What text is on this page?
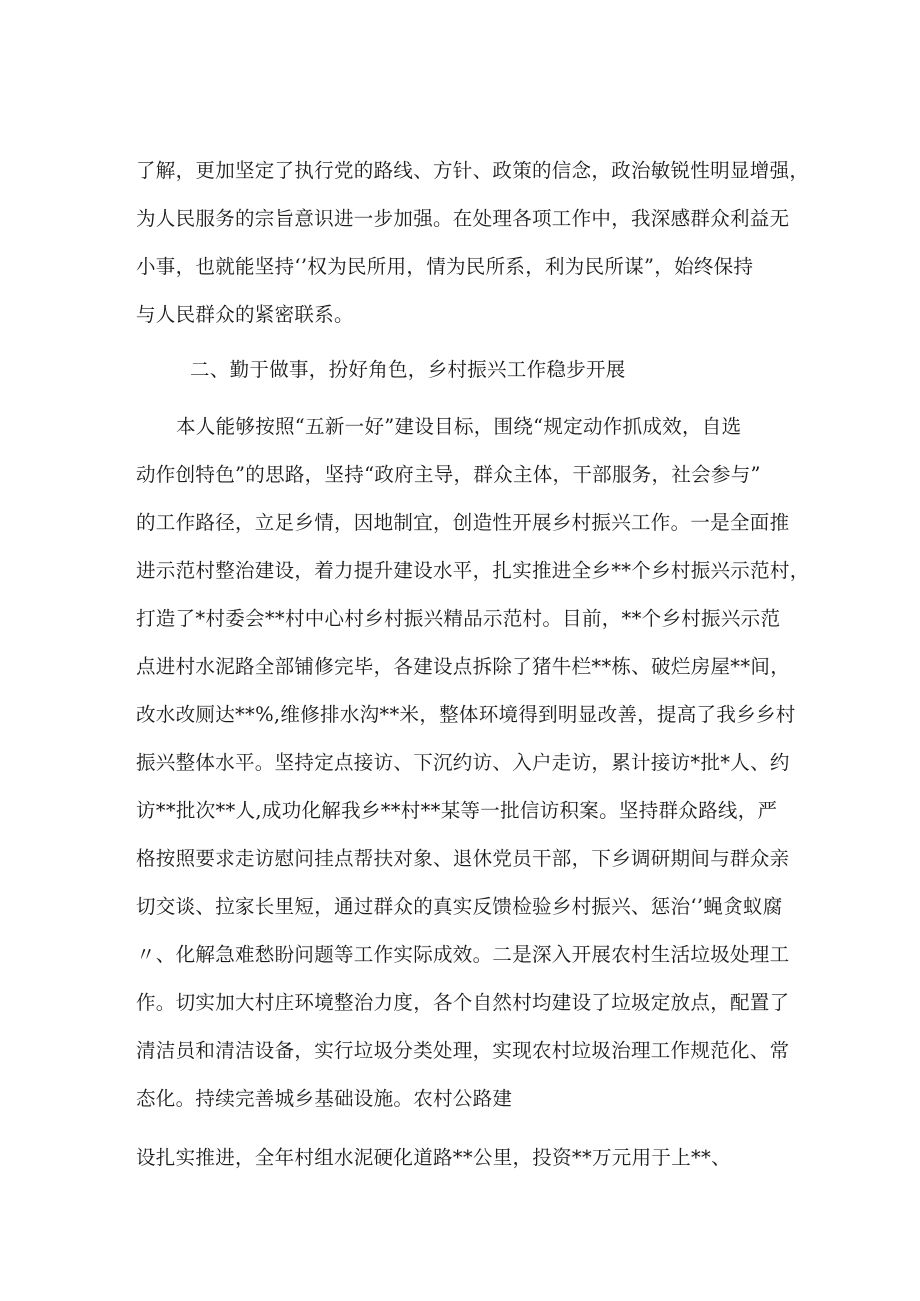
了解，更加坚定了执行党的路线、方针、政策的信念，政治敏锐性明显增强，
为人民服务的宗旨意识进一步加强。在处理各项工作中，我深感群众利益无
小事，也就能坚持‘’权为民所用，情为民所系，利为民所谋”，始终保持
与人民群众的紧密联系。
二、勤于做事，扮好角色，乡村振兴工作稳步开展
本人能够按照“五新一好”建设目标，围绕“规定动作抓成效，自选
动作创特色”的思路，坚持“政府主导，群众主体，干部服务，社会参与”
的工作路径，立足乡情，因地制宜，创造性开展乡村振兴工作。一是全面推
进示范村整治建设，着力提升建设水平，扎实推进全乡**个乡村振兴示范村，
打造了*村委会**村中心村乡村振兴精品示范村。目前，**个乡村振兴示范
点进村水泥路全部铺修完毕，各建设点拆除了猪牛栏**栋、破烂房屋**间，
改水改厕达**%,维修排水沟**米，整体环境得到明显改善，提高了我乡乡村
振兴整体水平。坚持定点接访、下沉约访、入户走访，累计接访*批*人、约
访**批次**人,成功化解我乡**村**某等一批信访积案。坚持群众路线，严
格按照要求走访慰问挂点帮扶对象、退休党员干部，下乡调研期间与群众亲
切交谈、拉家长里短，通过群众的真实反馈检验乡村振兴、惩治‘’蝇贪蚁腐
〃、化解急难愁盼问题等工作实际成效。二是深入开展农村生活垃圾处理工
作。切实加大村庄环境整治力度，各个自然村均建设了垃圾定放点，配置了
清洁员和清洁设备，实行垃圾分类处理，实现农村垃圾治理工作规范化、常
态化。持续完善城乡基础设施。农村公路建
设扎实推进，全年村组水泥硬化道路**公里，投资**万元用于上**、
